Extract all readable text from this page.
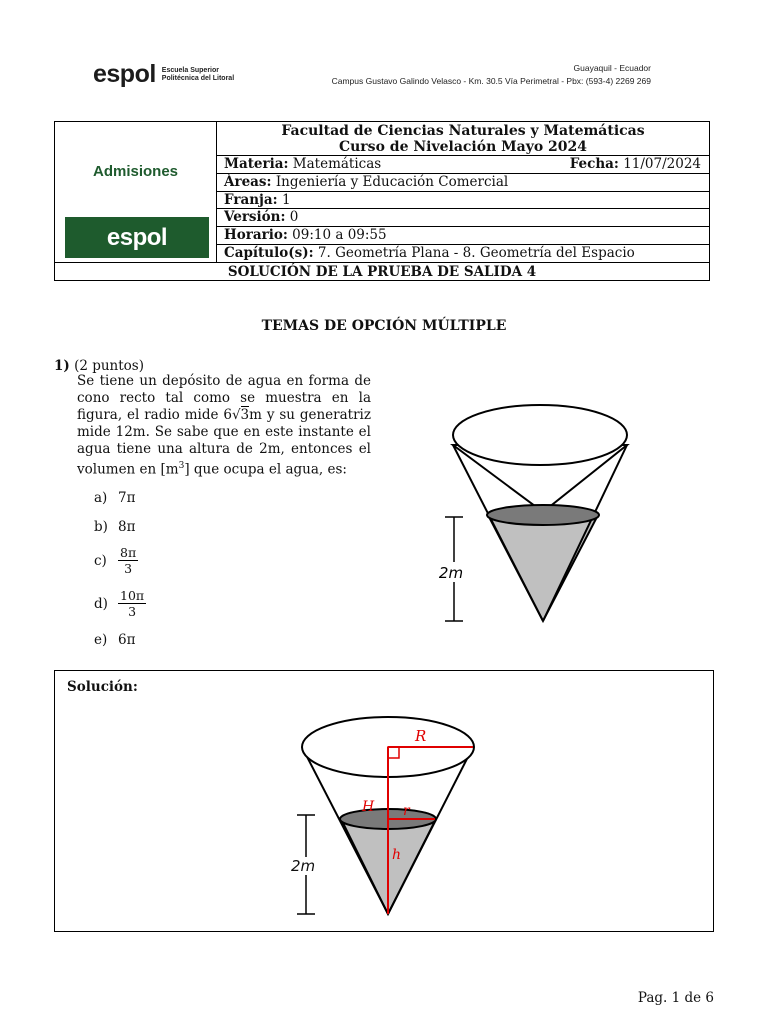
espol Escuela Superior
Politécnica del Litoral
Guayaquil - Ecuador
Campus Gustavo Galindo Velasco - Km. 30.5 Vía Perimetral - Pbx: (593-4) 2269 269
Admisiones
espol
Facultad de Ciencias Naturales y Matemáticas
Curso de Nivelación Mayo 2024
Materia: Matemáticas	Fecha: 11/07/2024
Áreas: Ingeniería y Educación Comercial
Franja: 1
Versión: 0
Horario: 09:10 a 09:55
Capítulo(s): 7. Geometría Plana - 8. Geometría del Espacio
SOLUCIÓN DE LA PRUEBA DE SALIDA 4
TEMAS DE OPCIÓN MÚLTIPLE
1) (2 puntos)
Se tiene un depósito de agua en forma de cono recto tal como se muestra en la figura, el radio mide 6√3m y su generatriz mide 12m. Se sabe que en este instante el agua tiene una altura de 2m, entonces el volumen en $[m^3]$ que ocupa el agua, es:
a) 7π
b) 8π
$c) \frac{8\pi}{3}$
$d) \frac{10\pi}{3}$
e) 6π
2m
Solución:
R
r
H
h
2m
Pag. 1 de 6
